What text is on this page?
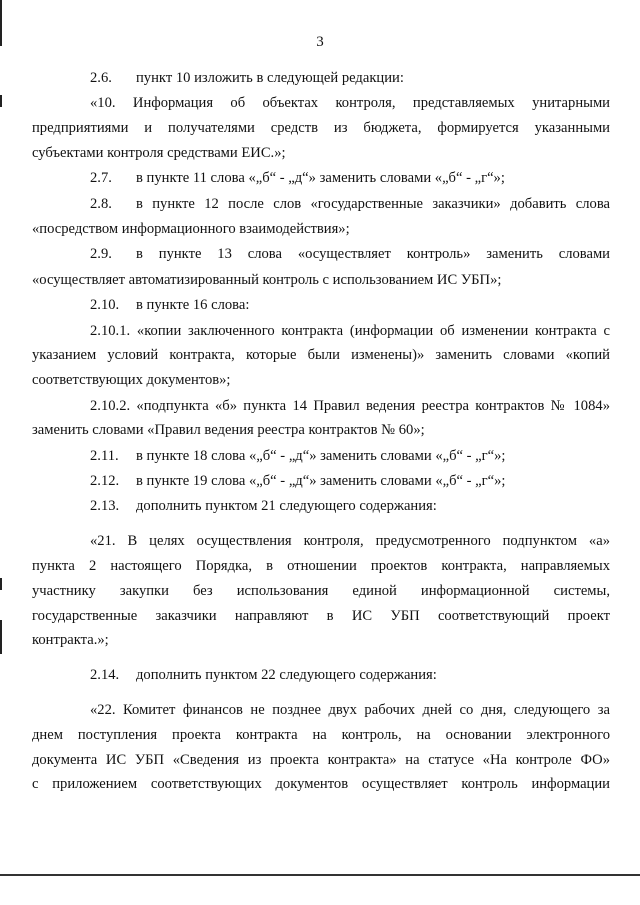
3
2.6.	пункт 10 изложить в следующей редакции:
«10. Информация об объектах контроля, представляемых унитарными
предприятиями и получателями средств из бюджета, формируется указанными
субъектами контроля средствами ЕИС.»;
2.7.	в пункте 11 слова «„б“ - „д“» заменить словами «„б“ - „г“»;
2.8.	в пункте 12 после слов «государственные заказчики» добавить слова
«посредством информационного взаимодействия»;
2.9.	в пункте 13 слова «осуществляет контроль» заменить словами
«осуществляет автоматизированный контроль с использованием ИС УБП»;
2.10.	в пункте 16 слова:
2.10.1. «копии заключенного контракта (информации об изменении контракта с
указанием условий контракта, которые были изменены)» заменить словами «копий
соответствующих документов»;
2.10.2. «подпункта «б» пункта 14 Правил ведения реестра контрактов № 1084»
заменить словами «Правил ведения реестра контрактов № 60»;
2.11.	в пункте 18 слова «„б“ - „д“» заменить словами «„б“ - „г“»;
2.12.	в пункте 19 слова «„б“ - „д“» заменить словами «„б“ - „г“»;
2.13.	дополнить пунктом 21 следующего содержания:
«21. В целях осуществления контроля, предусмотренного подпунктом «а»
пункта 2 настоящего Порядка, в отношении проектов контракта, направляемых
участнику закупки без использования единой информационной системы,
государственные заказчики направляют в ИС УБП соответствующий проект
контракта.»;
2.14.	дополнить пунктом 22 следующего содержания:
«22. Комитет финансов не позднее двух рабочих дней со дня, следующего за
днем поступления проекта контракта на контроль, на основании электронного
документа ИС УБП «Сведения из проекта контракта» на статусе «На контроле ФО»
с приложением соответствующих документов осуществляет контроль информации
